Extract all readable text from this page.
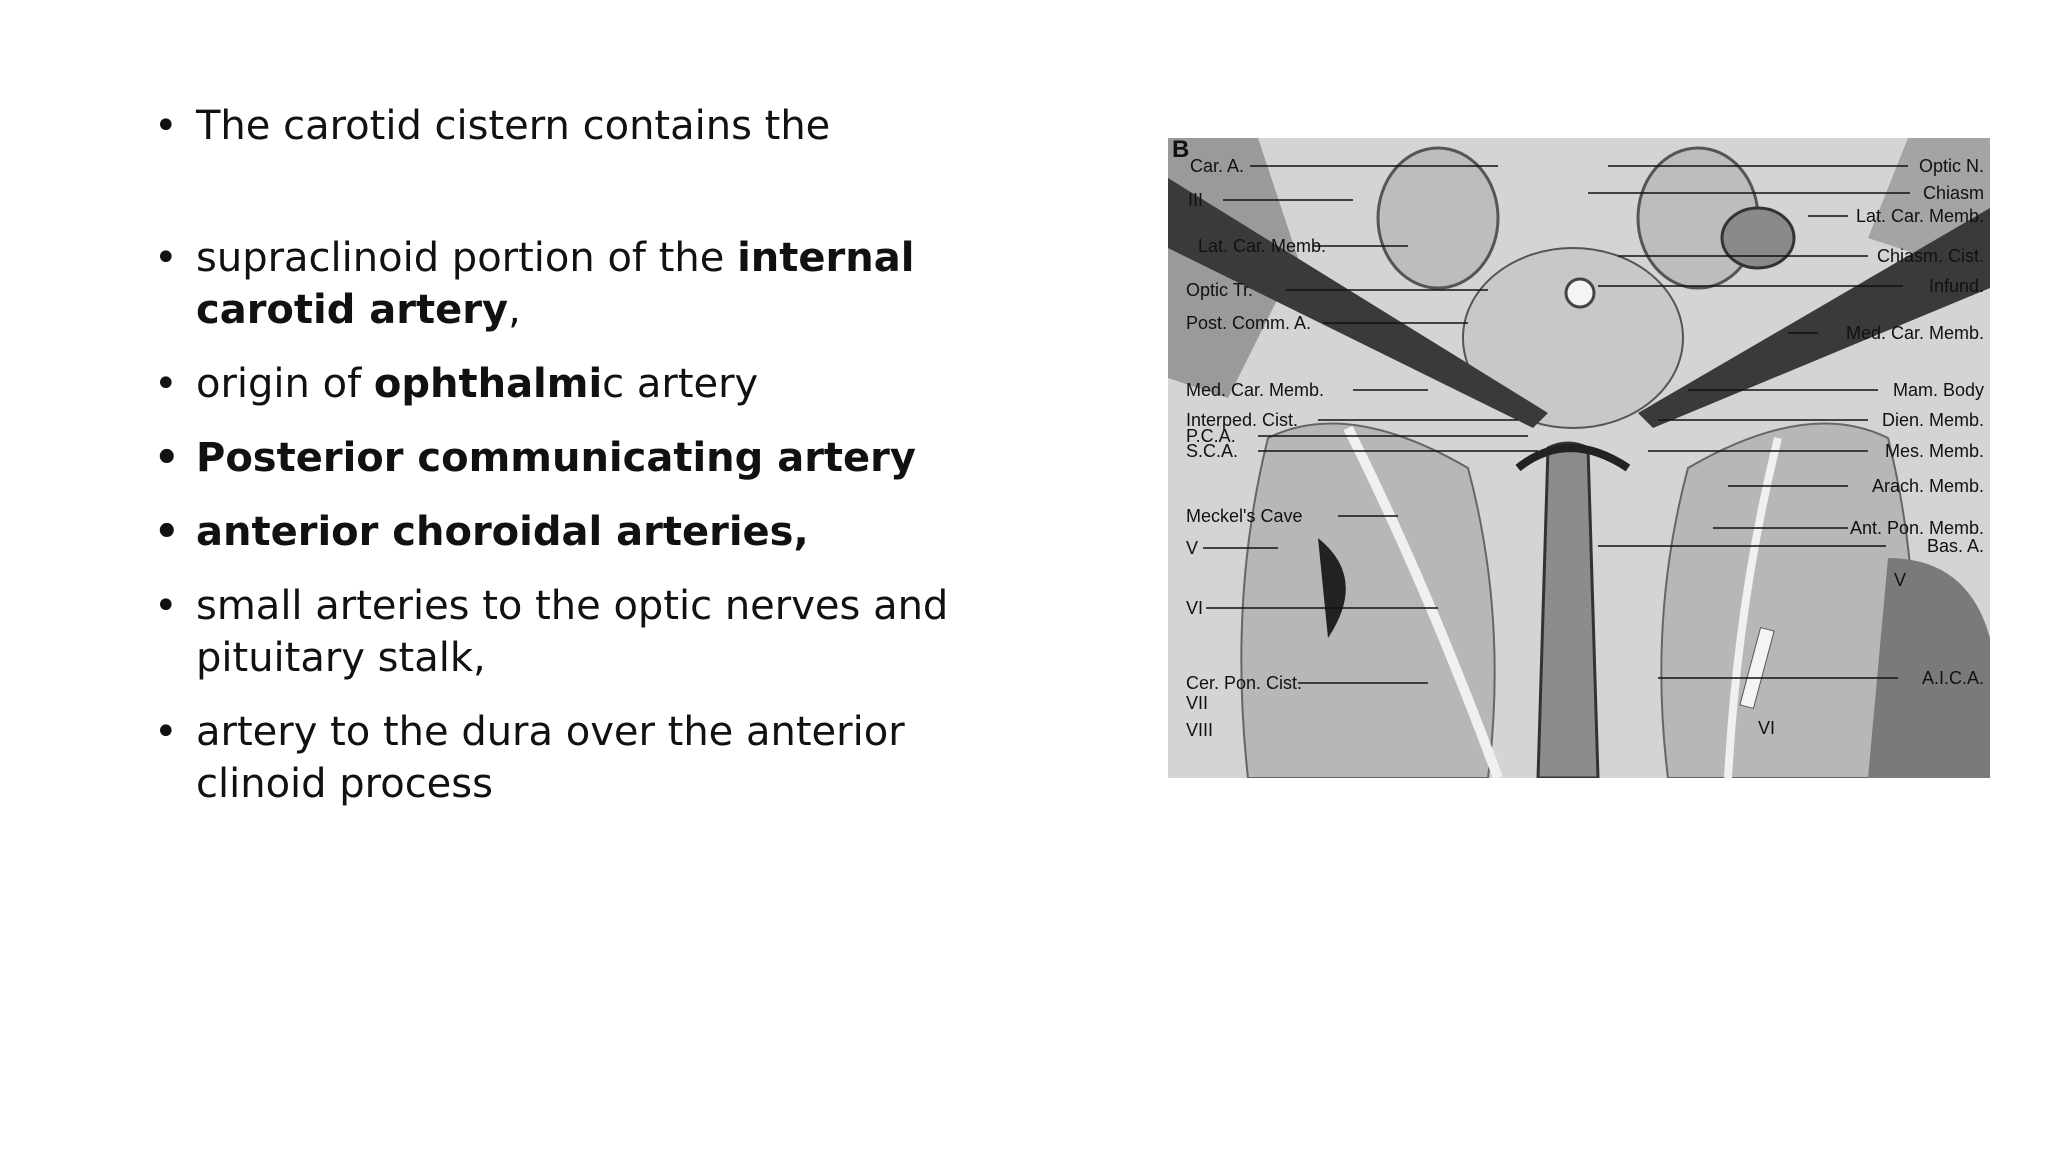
• The carotid cistern contains the
• supraclinoid portion of the internal carotid artery,
• origin of ophthalmic artery
• Posterior communicating artery
• anterior choroidal arteries,
• small arteries to the optic nerves and pituitary stalk,
• artery to the dura over the anterior clinoid process
B
Car. A.
III
Lat. Car. Memb.
Optic Tr.
Post. Comm. A.
Med. Car. Memb.
Interped. Cist.
P.C.A.
S.C.A.
Meckel's Cave
V
VI
Cer. Pon. Cist.
VII
VIII
Optic N.
Chiasm
Lat. Car. Memb.
Chiasm. Cist.
Infund.
Med. Car. Memb.
Mam. Body
Dien. Memb.
Mes. Memb.
Arach. Memb.
Ant. Pon. Memb.
Bas. A.
V
A.I.C.A.
VI
